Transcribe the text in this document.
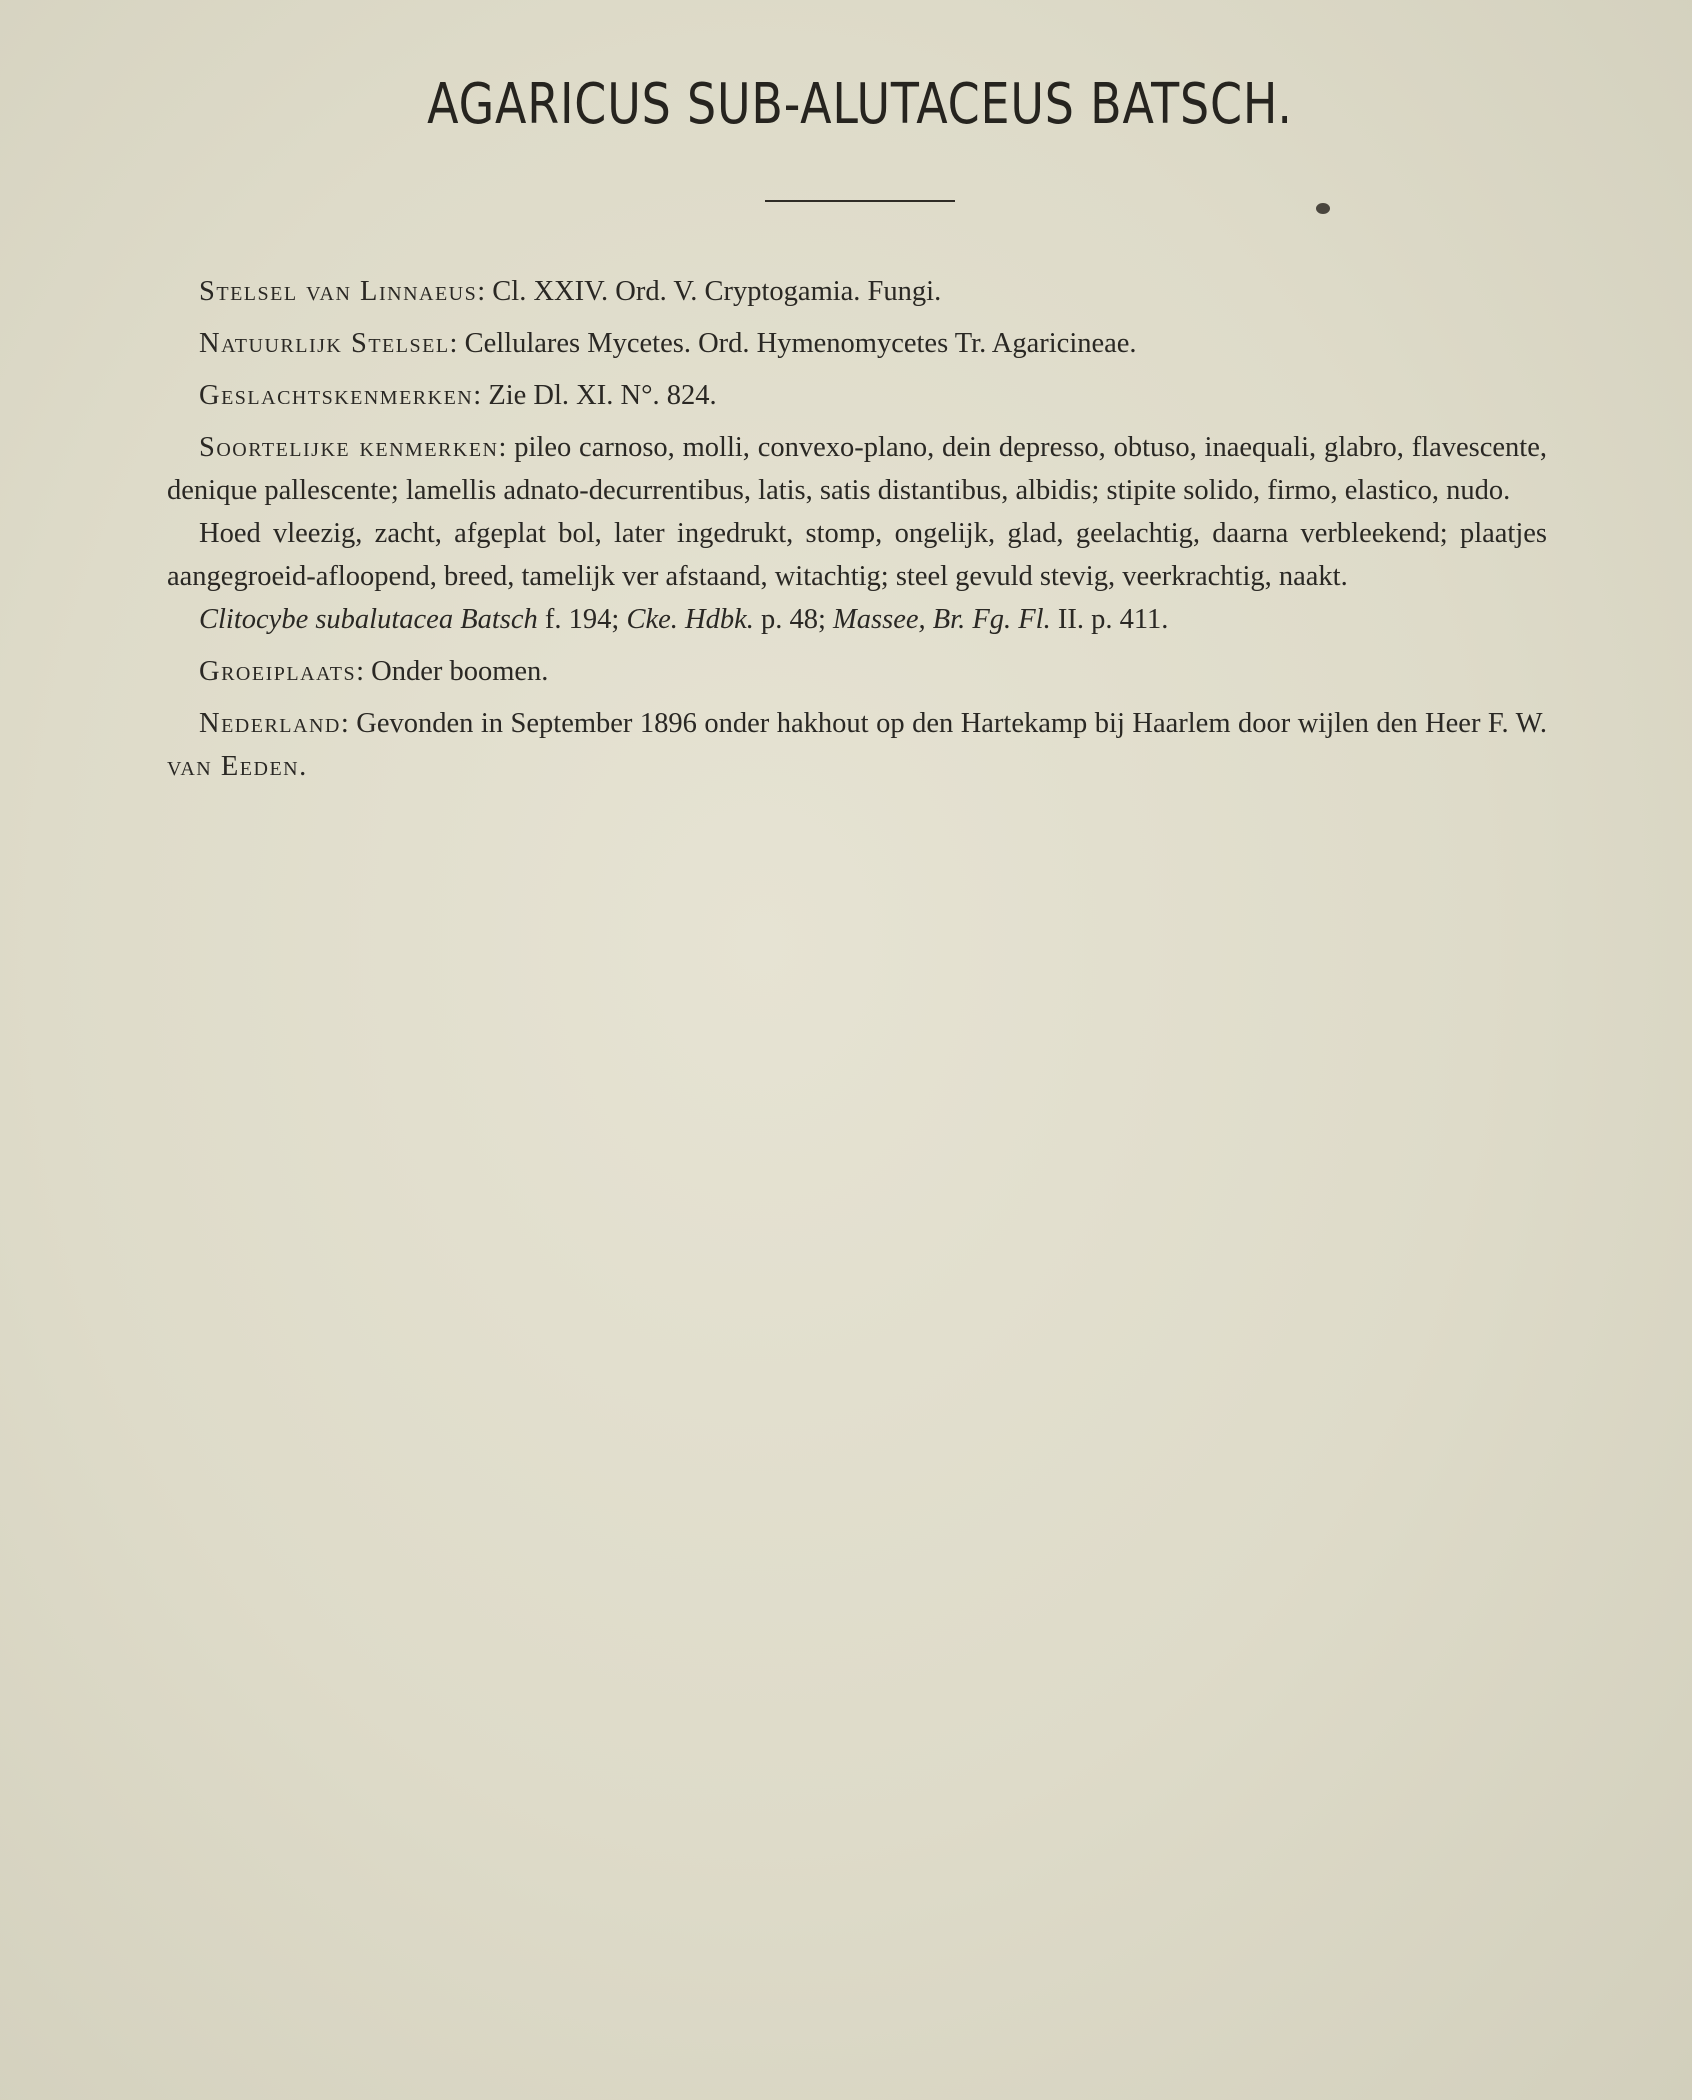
AGARICUS SUB-ALUTACEUS BATSCH.

Stelsel van Linnaeus: Cl. XXIV. Ord. V. Cryptogamia. Fungi.

Natuurlijk Stelsel: Cellulares Mycetes. Ord. Hymenomycetes Tr. Agaricineae.

Geslachtskenmerken: Zie Dl. XI. N°. 824.

Soortelijke kenmerken: pileo carnoso, molli, convexo-plano, dein depresso, obtuso, inaequali, glabro, flavescente, denique pallescente; lamellis adnato-decurrentibus, latis, satis distantibus, albidis; stipite solido, firmo, elastico, nudo.

Hoed vleezig, zacht, afgeplat bol, later ingedrukt, stomp, ongelijk, glad, geelachtig, daarna verbleekend; plaatjes aangegroeid-afloopend, breed, tamelijk ver afstaand, witachtig; steel gevuld stevig, veerkrachtig, naakt.

Clitocybe subalutacea Batsch f. 194; Cke. Hdbk. p. 48; Massee, Br. Fg. Fl. II. p. 411.

Groeiplaats: Onder boomen.

Nederland: Gevonden in September 1896 onder hakhout op den Hartekamp bij Haarlem door wijlen den Heer F. W. van Eeden.
